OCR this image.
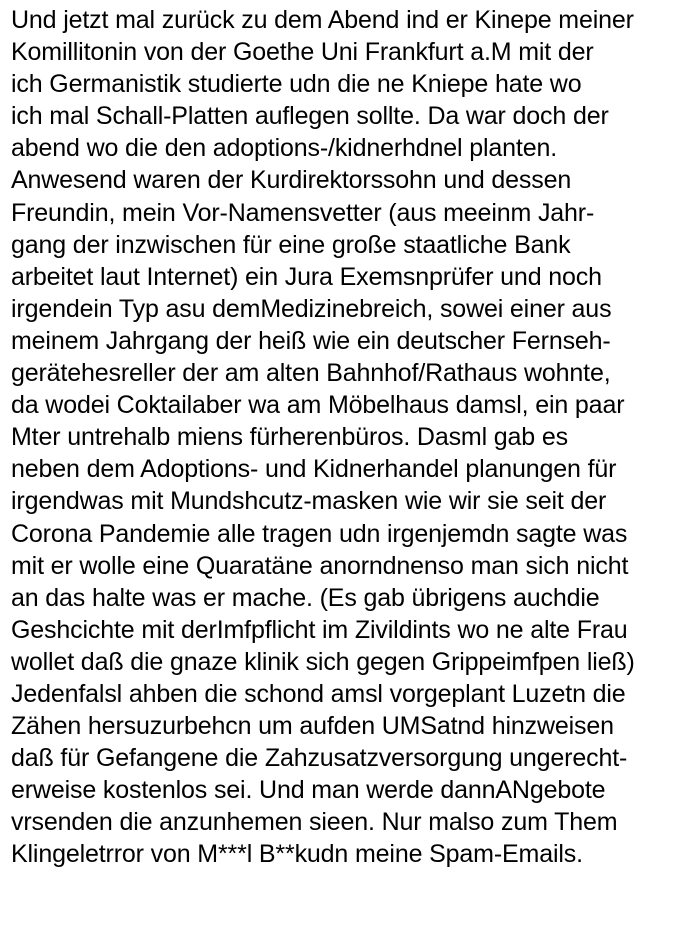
Und jetzt mal zurück zu dem Abend ind er Kinepe meiner
Komillitonin von der Goethe Uni Frankfurt a.M mit der
ich Germanistik studierte udn die ne Kniepe hate wo
ich mal Schall-Platten auflegen sollte. Da war doch der
abend wo die den adoptions-/kidnerhdnel planten.
Anwesend waren der Kurdirektorssohn und dessen
Freundin, mein Vor-Namensvetter (aus meeinm Jahr-
gang der inzwischen für eine große staatliche Bank
arbeitet laut Internet) ein Jura Exemsnprüfer und noch
irgendein Typ asu demMedizinebreich, sowei einer aus
meinem Jahrgang der heiß wie ein deutscher Fernseh-
gerätehesreller der am alten Bahnhof/Rathaus wohnte,
da wodei Coktailaber wa am Möbelhaus damsl, ein paar
Mter untrehalb miens fürherenbüros. Dasml gab es
neben dem Adoptions- und Kidnerhandel planungen für
irgendwas mit Mundshcutz-masken wie wir sie seit der
Corona Pandemie alle tragen udn irgenjemdn sagte was
mit er wolle eine Quaratäne anorndnenso man sich nicht
an das halte was er mache. (Es gab übrigens auchdie
Geshcichte mit derImfpflicht im Zivildints wo ne alte Frau
wollet daß die gnaze klinik sich gegen Grippeimfpen ließ)
Jedenfalsl ahben die schond amsl vorgeplant Luzetn die
Zähen hersuzurbehcn um aufden UMSatnd hinzweisen
daß für Gefangene die Zahzusatzversorgung ungerecht-
erweise kostenlos sei. Und man werde dannANgebote
vrsenden die anzunhemen sieen. Nur malso zum Them
Klingeletrror von M***l B**kudn meine Spam-Emails.
